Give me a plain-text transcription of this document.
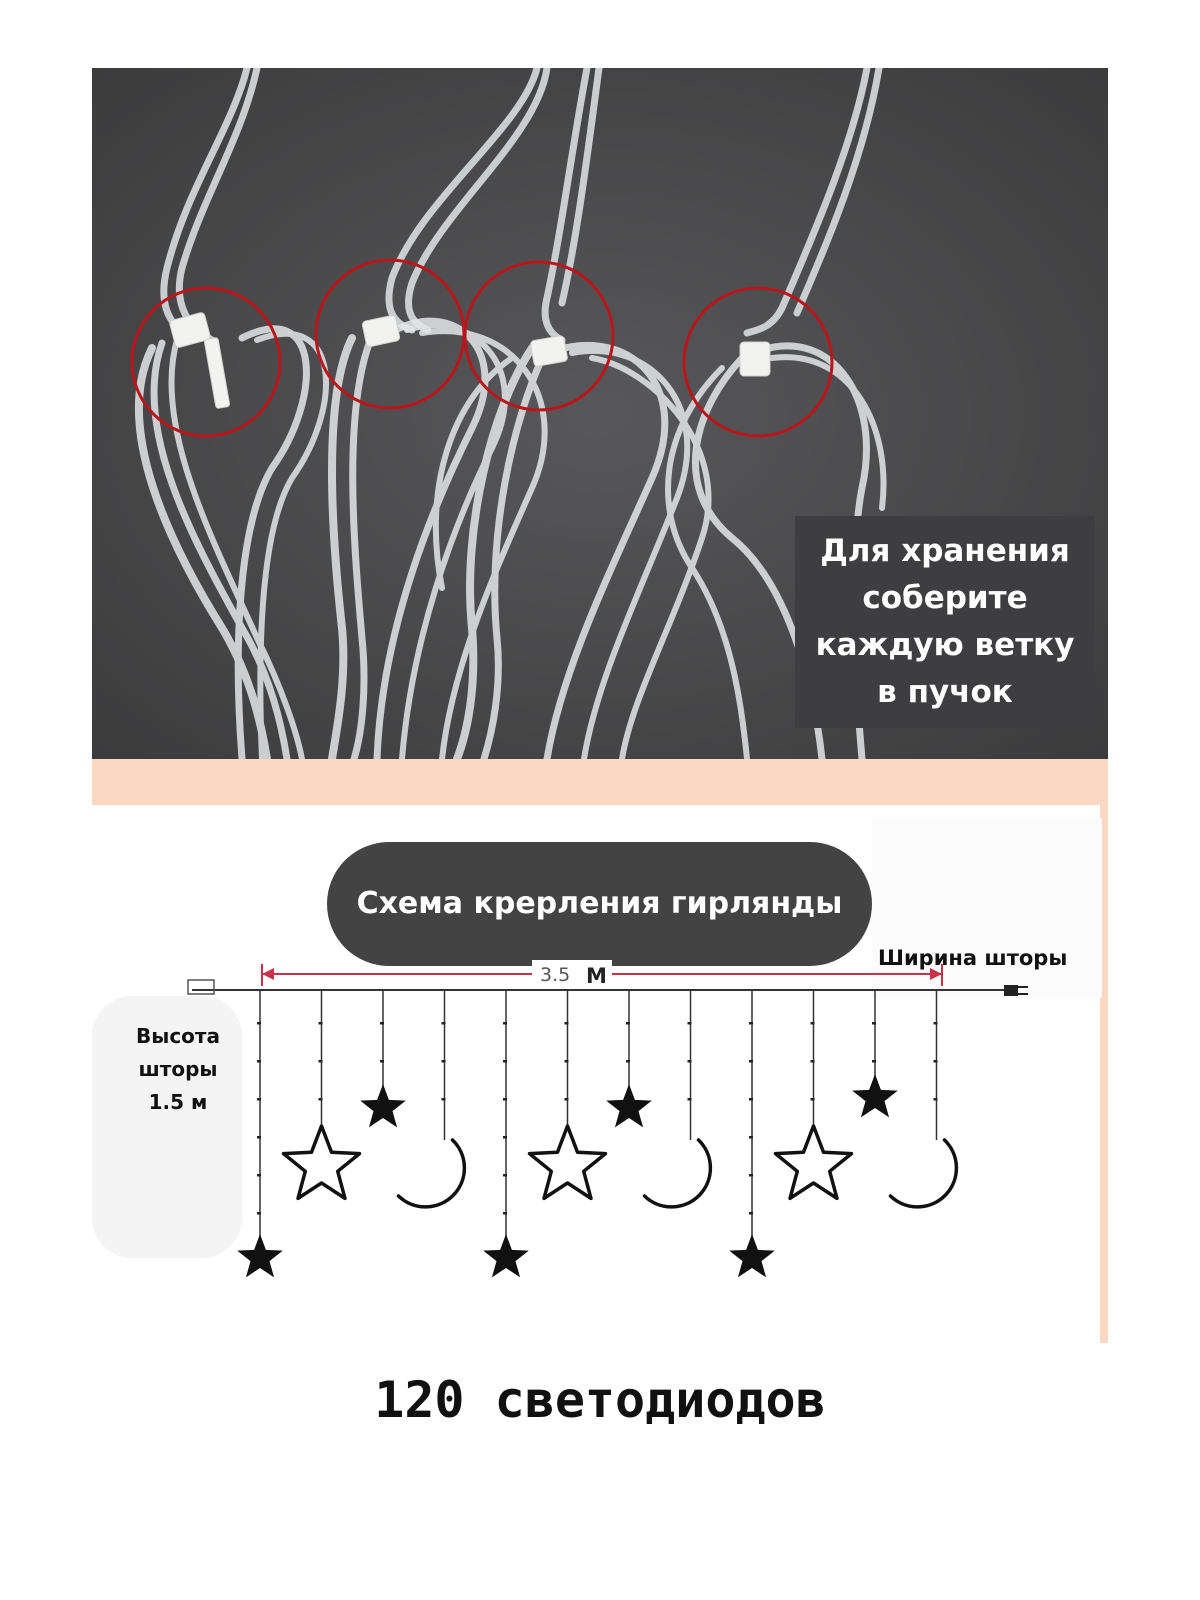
Для хранения соберите каждую ветку в пучок
Схема крерления гирлянды
3.5 М
Ширина шторы
Высота шторы 1.5 м
120 светодиодов
